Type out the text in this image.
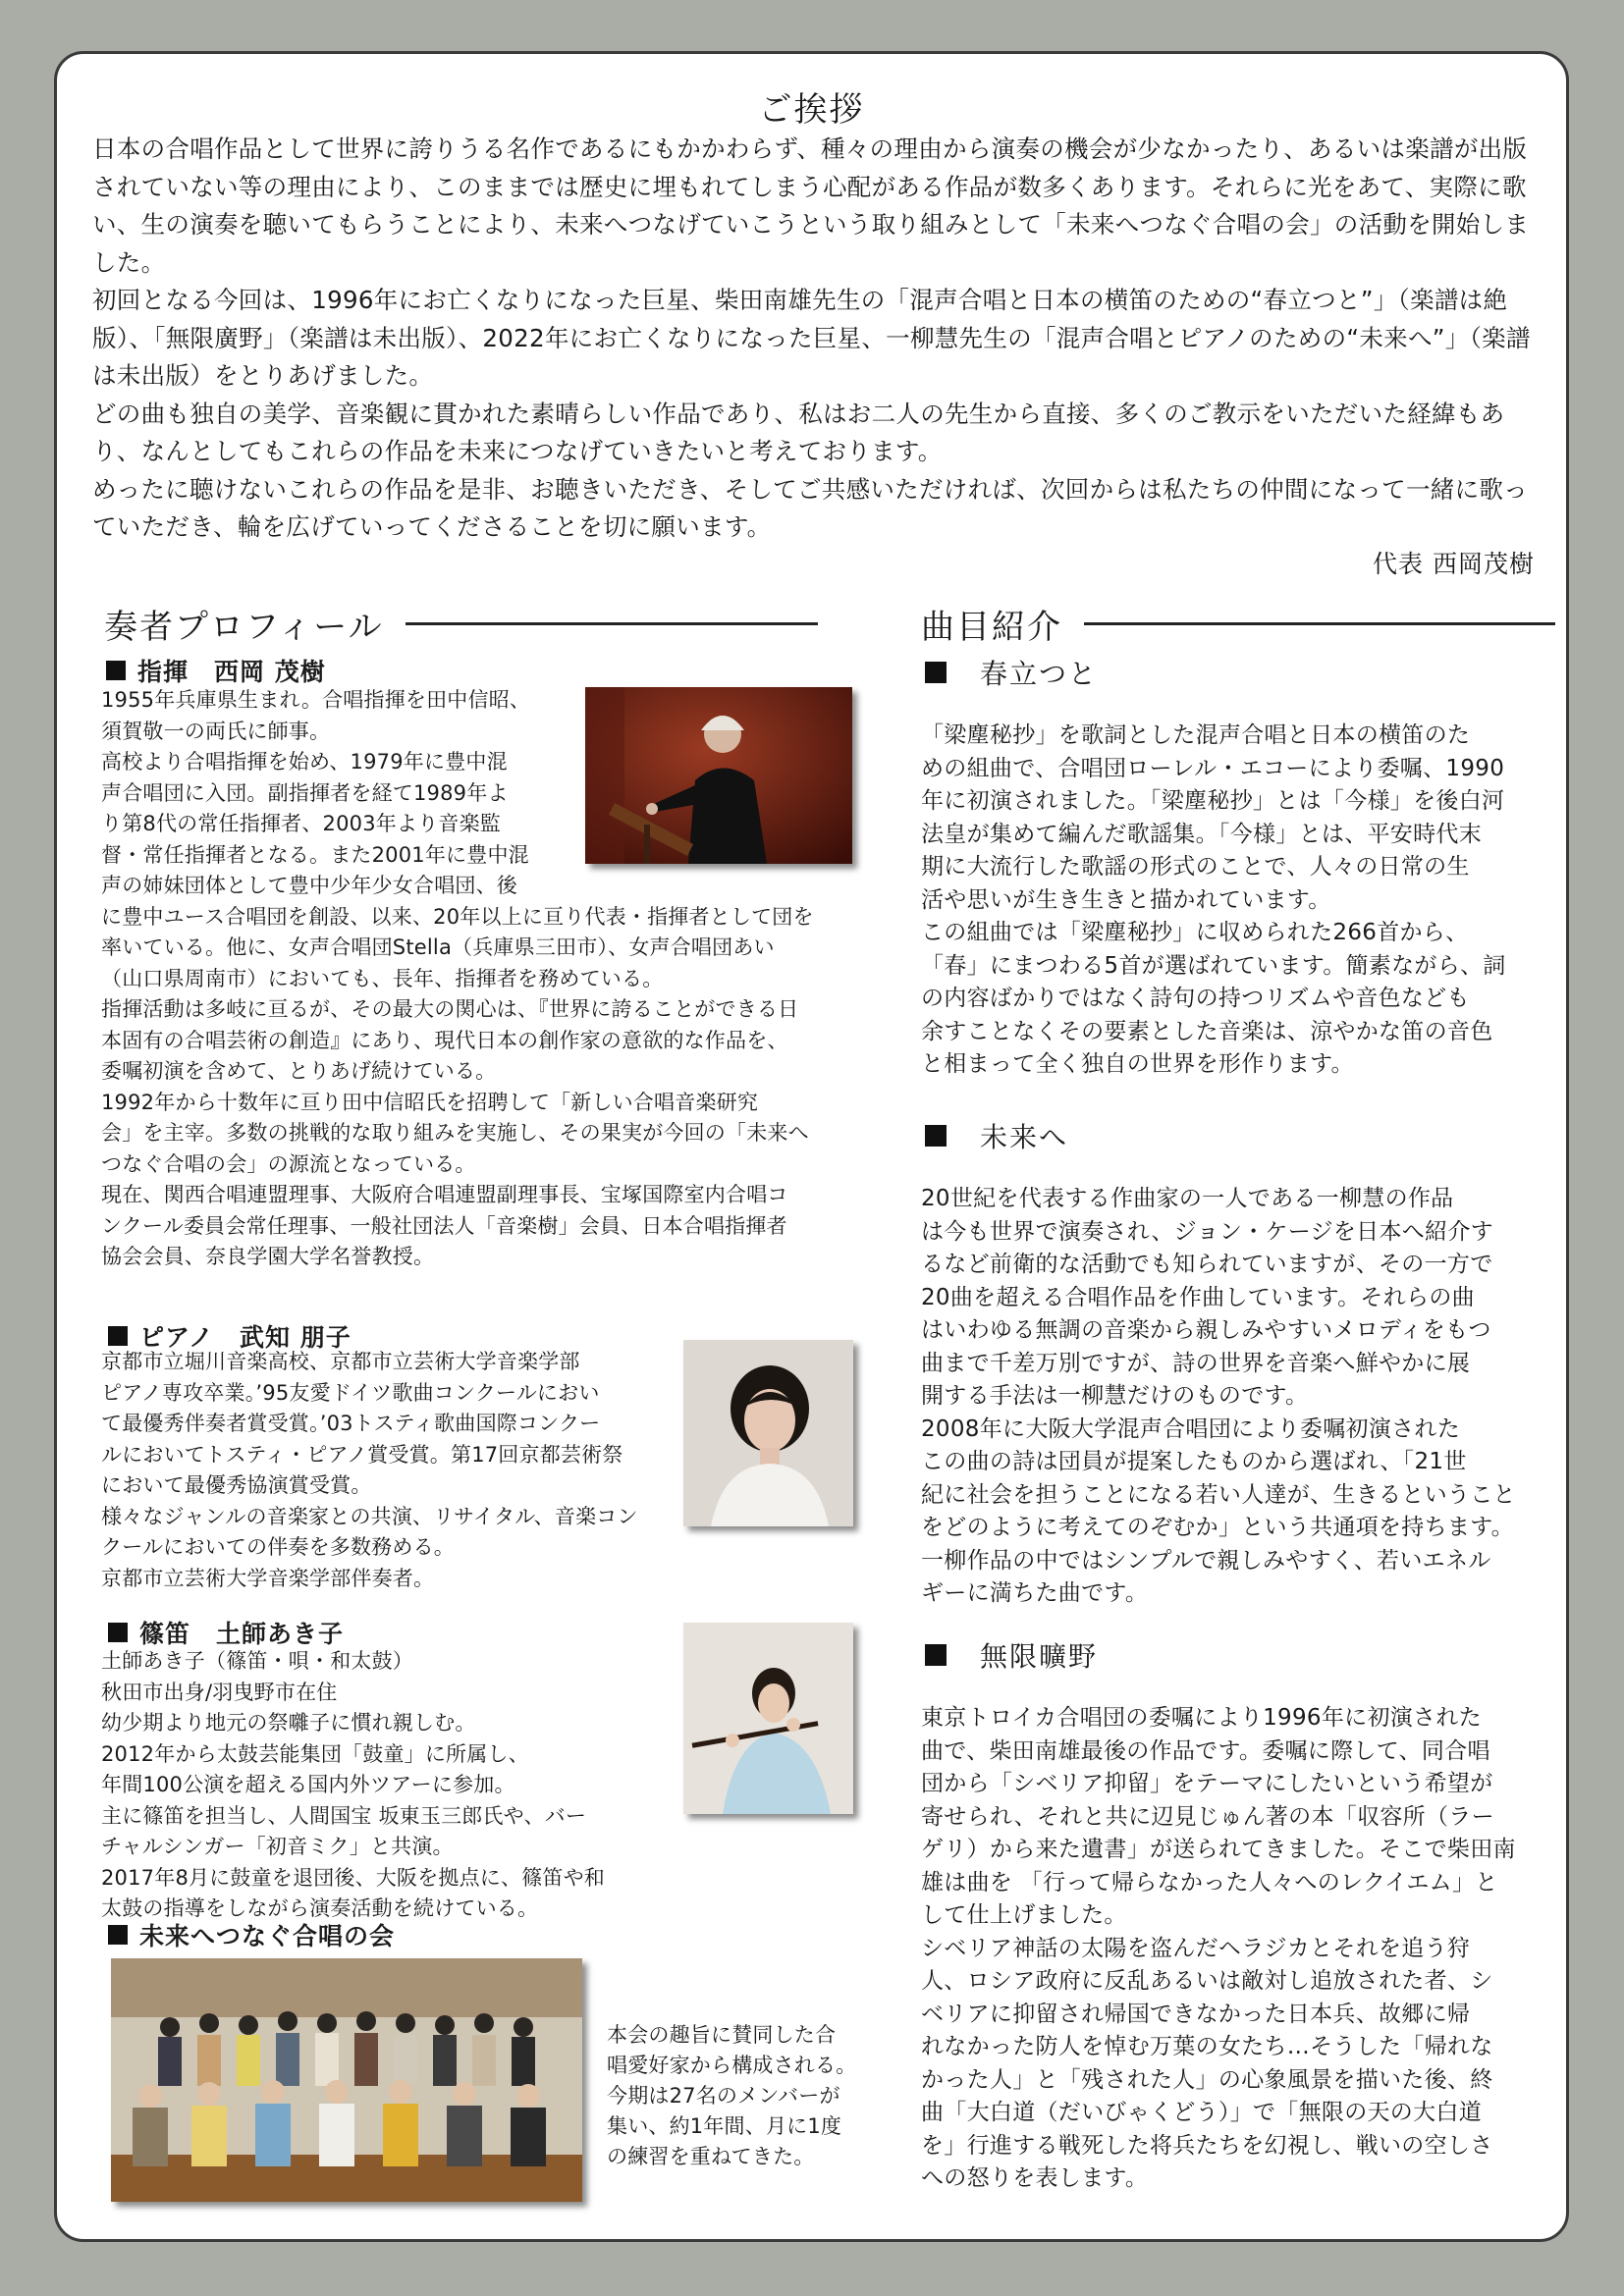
ご挨拶

日本の合唱作品として世界に誇りうる名作であるにもかかわらず、種々の理由から演奏の機会が少なかったり、あるいは楽譜が出版されていない等の理由により、このままでは歴史に埋もれてしまう心配がある作品が数多くあります。それらに光をあて、実際に歌い、生の演奏を聴いてもらうことにより、未来へつなげていこうという取り組みとして「未来へつなぐ合唱の会」の活動を開始しました。

初回となる今回は、1996年にお亡くなりになった巨星、柴田南雄先生の「混声合唱と日本の横笛のための“春立つと”」（楽譜は絶版）、「無限廣野」（楽譜は未出版）、2022年にお亡くなりになった巨星、一柳慧先生の「混声合唱とピアノのための“未来へ”」（楽譜は未出版）をとりあげました。

どの曲も独自の美学、音楽観に貫かれた素晴らしい作品であり、私はお二人の先生から直接、多くのご教示をいただいた経緯もあり、なんとしてもこれらの作品を未来につなげていきたいと考えております。

めったに聴けないこれらの作品を是非、お聴きいただき、そしてご共感いただければ、次回からは私たちの仲間になって一緒に歌っていただき、輪を広げていってくださることを切に願います。

代表 西岡茂樹
奏者プロフィール
指揮　西岡 茂樹

1955年兵庫県生まれ。合唱指揮を田中信昭、

須賀敬一の両氏に師事。

高校より合唱指揮を始め、1979年に豊中混

声合唱団に入団。副指揮者を経て1989年よ

り第8代の常任指揮者、2003年より音楽監

督・常任指揮者となる。また2001年に豊中混

声の姉妹団体として豊中少年少女合唱団、後

に豊中ユース合唱団を創設、以来、20年以上に亘り代表・指揮者として団を

率いている。他に、女声合唱団Stella（兵庫県三田市）、女声合唱団あい

（山口県周南市）においても、長年、指揮者を務めている。

指揮活動は多岐に亘るが、その最大の関心は、『世界に誇ることができる日

本固有の合唱芸術の創造』にあり、現代日本の創作家の意欲的な作品を、

委嘱初演を含めて、とりあげ続けている。

1992年から十数年に亘り田中信昭氏を招聘して「新しい合唱音楽研究

会」を主宰。多数の挑戦的な取り組みを実施し、その果実が今回の「未来へ

つなぐ合唱の会」の源流となっている。

現在、関西合唱連盟理事、大阪府合唱連盟副理事長、宝塚国際室内合唱コ

ンクール委員会常任理事、一般社団法人「音楽樹」会員、日本合唱指揮者

協会会員、奈良学園大学名誉教授。

ピアノ　武知 朋子

京都市立堀川音楽高校、京都市立芸術大学音楽学部

ピアノ専攻卒業。’95友愛ドイツ歌曲コンクールにおい

て最優秀伴奏者賞受賞。’03トスティ歌曲国際コンクー

ルにおいてトスティ・ピアノ賞受賞。第17回京都芸術祭

において最優秀協演賞受賞。

様々なジャンルの音楽家との共演、リサイタル、音楽コン

クールにおいての伴奏を多数務める。

京都市立芸術大学音楽学部伴奏者。

篠笛　土師あき子

土師あき子（篠笛・唄・和太鼓）

秋田市出身/羽曳野市在住

幼少期より地元の祭囃子に慣れ親しむ。

2012年から太鼓芸能集団「鼓童」に所属し、

年間100公演を超える国内外ツアーに参加。

主に篠笛を担当し、人間国宝 坂東玉三郎氏や、バー

チャルシンガー「初音ミク」と共演。

2017年8月に鼓童を退団後、大阪を拠点に、篠笛や和

太鼓の指導をしながら演奏活動を続けている。

未来へつなぐ合唱の会

本会の趣旨に賛同した合

唱愛好家から構成される。

今期は27名のメンバーが

集い、約1年間、月に1度

の練習を重ねてきた。

曲目紹介
春立つと

「梁塵秘抄」を歌詞とした混声合唱と日本の横笛のた

めの組曲で、合唱団ローレル・エコーにより委嘱、1990

年に初演されました。「梁塵秘抄」とは「今様」を後白河

法皇が集めて編んだ歌謡集。「今様」とは、平安時代末

期に大流行した歌謡の形式のことで、人々の日常の生

活や思いが生き生きと描かれています。

この組曲では「梁塵秘抄」に収められた266首から、

「春」にまつわる5首が選ばれています。簡素ながら、詞

の内容ばかりではなく詩句の持つリズムや音色なども

余すことなくその要素とした音楽は、涼やかな笛の音色

と相まって全く独自の世界を形作ります。

未来へ

20世紀を代表する作曲家の一人である一柳慧の作品

は今も世界で演奏され、ジョン・ケージを日本へ紹介す

るなど前衛的な活動でも知られていますが、その一方で

20曲を超える合唱作品を作曲しています。それらの曲

はいわゆる無調の音楽から親しみやすいメロディをもつ

曲まで千差万別ですが、詩の世界を音楽へ鮮やかに展

開する手法は一柳慧だけのものです。

2008年に大阪大学混声合唱団により委嘱初演された

この曲の詩は団員が提案したものから選ばれ、「21世

紀に社会を担うことになる若い人達が、生きるということ

をどのように考えてのぞむか」という共通項を持ちます。

一柳作品の中ではシンプルで親しみやすく、若いエネル

ギーに満ちた曲です。

無限曠野

東京トロイカ合唱団の委嘱により1996年に初演された

曲で、柴田南雄最後の作品です。委嘱に際して、同合唱

団から「シベリア抑留」をテーマにしたいという希望が

寄せられ、それと共に辺見じゅん著の本「収容所（ラー

ゲリ）から来た遺書」が送られてきました。そこで柴田南

雄は曲を 「行って帰らなかった人々へのレクイエム」と

して仕上げました。

シベリア神話の太陽を盗んだヘラジカとそれを追う狩

人、ロシア政府に反乱あるいは敵対し追放された者、シ

ベリアに抑留され帰国できなかった日本兵、故郷に帰

れなかった防人を悼む万葉の女たち…そうした「帰れな

かった人」と「残された人」の心象風景を描いた後、終

曲「大白道（だいびゃくどう）」で「無限の天の大白道

を」行進する戦死した将兵たちを幻視し、戦いの空しさ

への怒りを表します。
